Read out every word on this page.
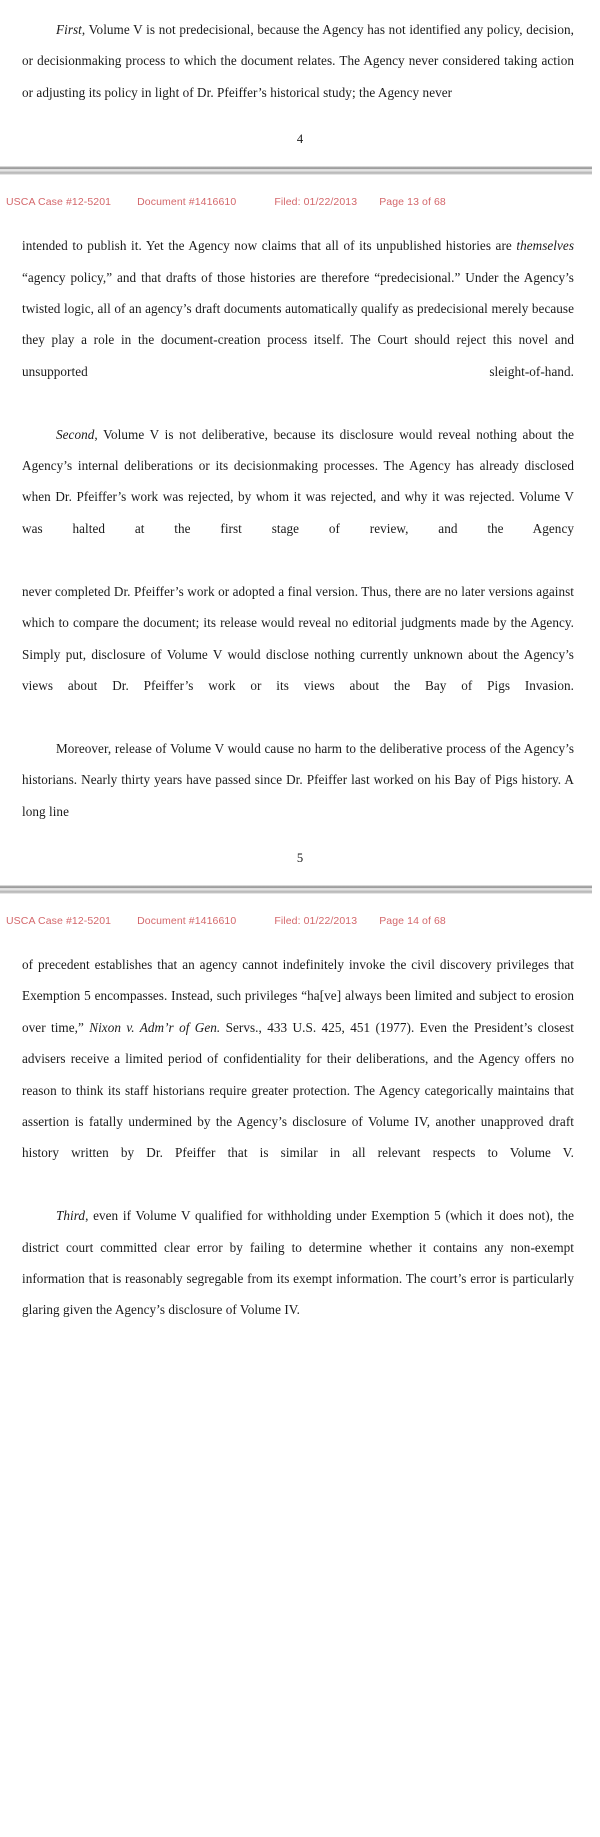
First, Volume V is not predecisional, because the Agency has not identified any policy, decision, or decisionmaking process to which the document relates. The Agency never considered taking action or adjusting its policy in light of Dr. Pfeiffer’s historical study; the Agency never

4
USCA Case #12-5201 Document #1416610	Filed: 01/22/2013 Page 13 of 68

intended to publish it. Yet the Agency now claims that all of its unpublished histories are themselves “agency policy,” and that drafts of those histories are therefore “predecisional.” Under the Agency’s twisted logic, all of an agency’s draft documents automatically qualify as predecisional merely because they play a role in the document-creation process itself. The Court should reject this novel and unsupported sleight-of-hand.

Second, Volume V is not deliberative, because its disclosure would reveal nothing about the Agency’s internal deliberations or its decisionmaking processes. The Agency has already disclosed when Dr. Pfeiffer’s work was rejected, by whom it was rejected, and why it was rejected. Volume V was halted at the first stage of review, and the Agency

never completed Dr. Pfeiffer’s work or adopted a final version. Thus, there are no later versions against which to compare the document; its release would reveal no editorial judgments made by the Agency. Simply put, disclosure of Volume V would disclose nothing currently unknown about the Agency’s views about Dr. Pfeiffer’s work or its views about the Bay of Pigs Invasion.

Moreover, release of Volume V would cause no harm to the deliberative process of the Agency’s historians. Nearly thirty years have passed since Dr. Pfeiffer last worked on his Bay of Pigs history. A long line

5
USCA Case #12-5201 Document #1416610	Filed: 01/22/2013 Page 14 of 68

of precedent establishes that an agency cannot indefinitely invoke the civil discovery privileges that Exemption 5 encompasses. Instead, such privileges “ha[ve] always been limited and subject to erosion over time,” Nixon v. Adm’r of Gen. Servs., 433 U.S. 425, 451 (1977). Even the President’s closest advisers receive a limited period of confidentiality for their deliberations, and the Agency offers no reason to think its staff historians require greater protection. The Agency categorically maintains that assertion is fatally undermined by the Agency’s disclosure of Volume IV, another unapproved draft history written by Dr. Pfeiffer that is similar in all relevant respects to Volume V.

Third, even if Volume V qualified for withholding under Exemption 5 (which it does not), the district court committed clear error by failing to determine whether it contains any non-exempt information that is reasonably segregable from its exempt information. The court’s error is particularly glaring given the Agency’s disclosure of Volume IV.
